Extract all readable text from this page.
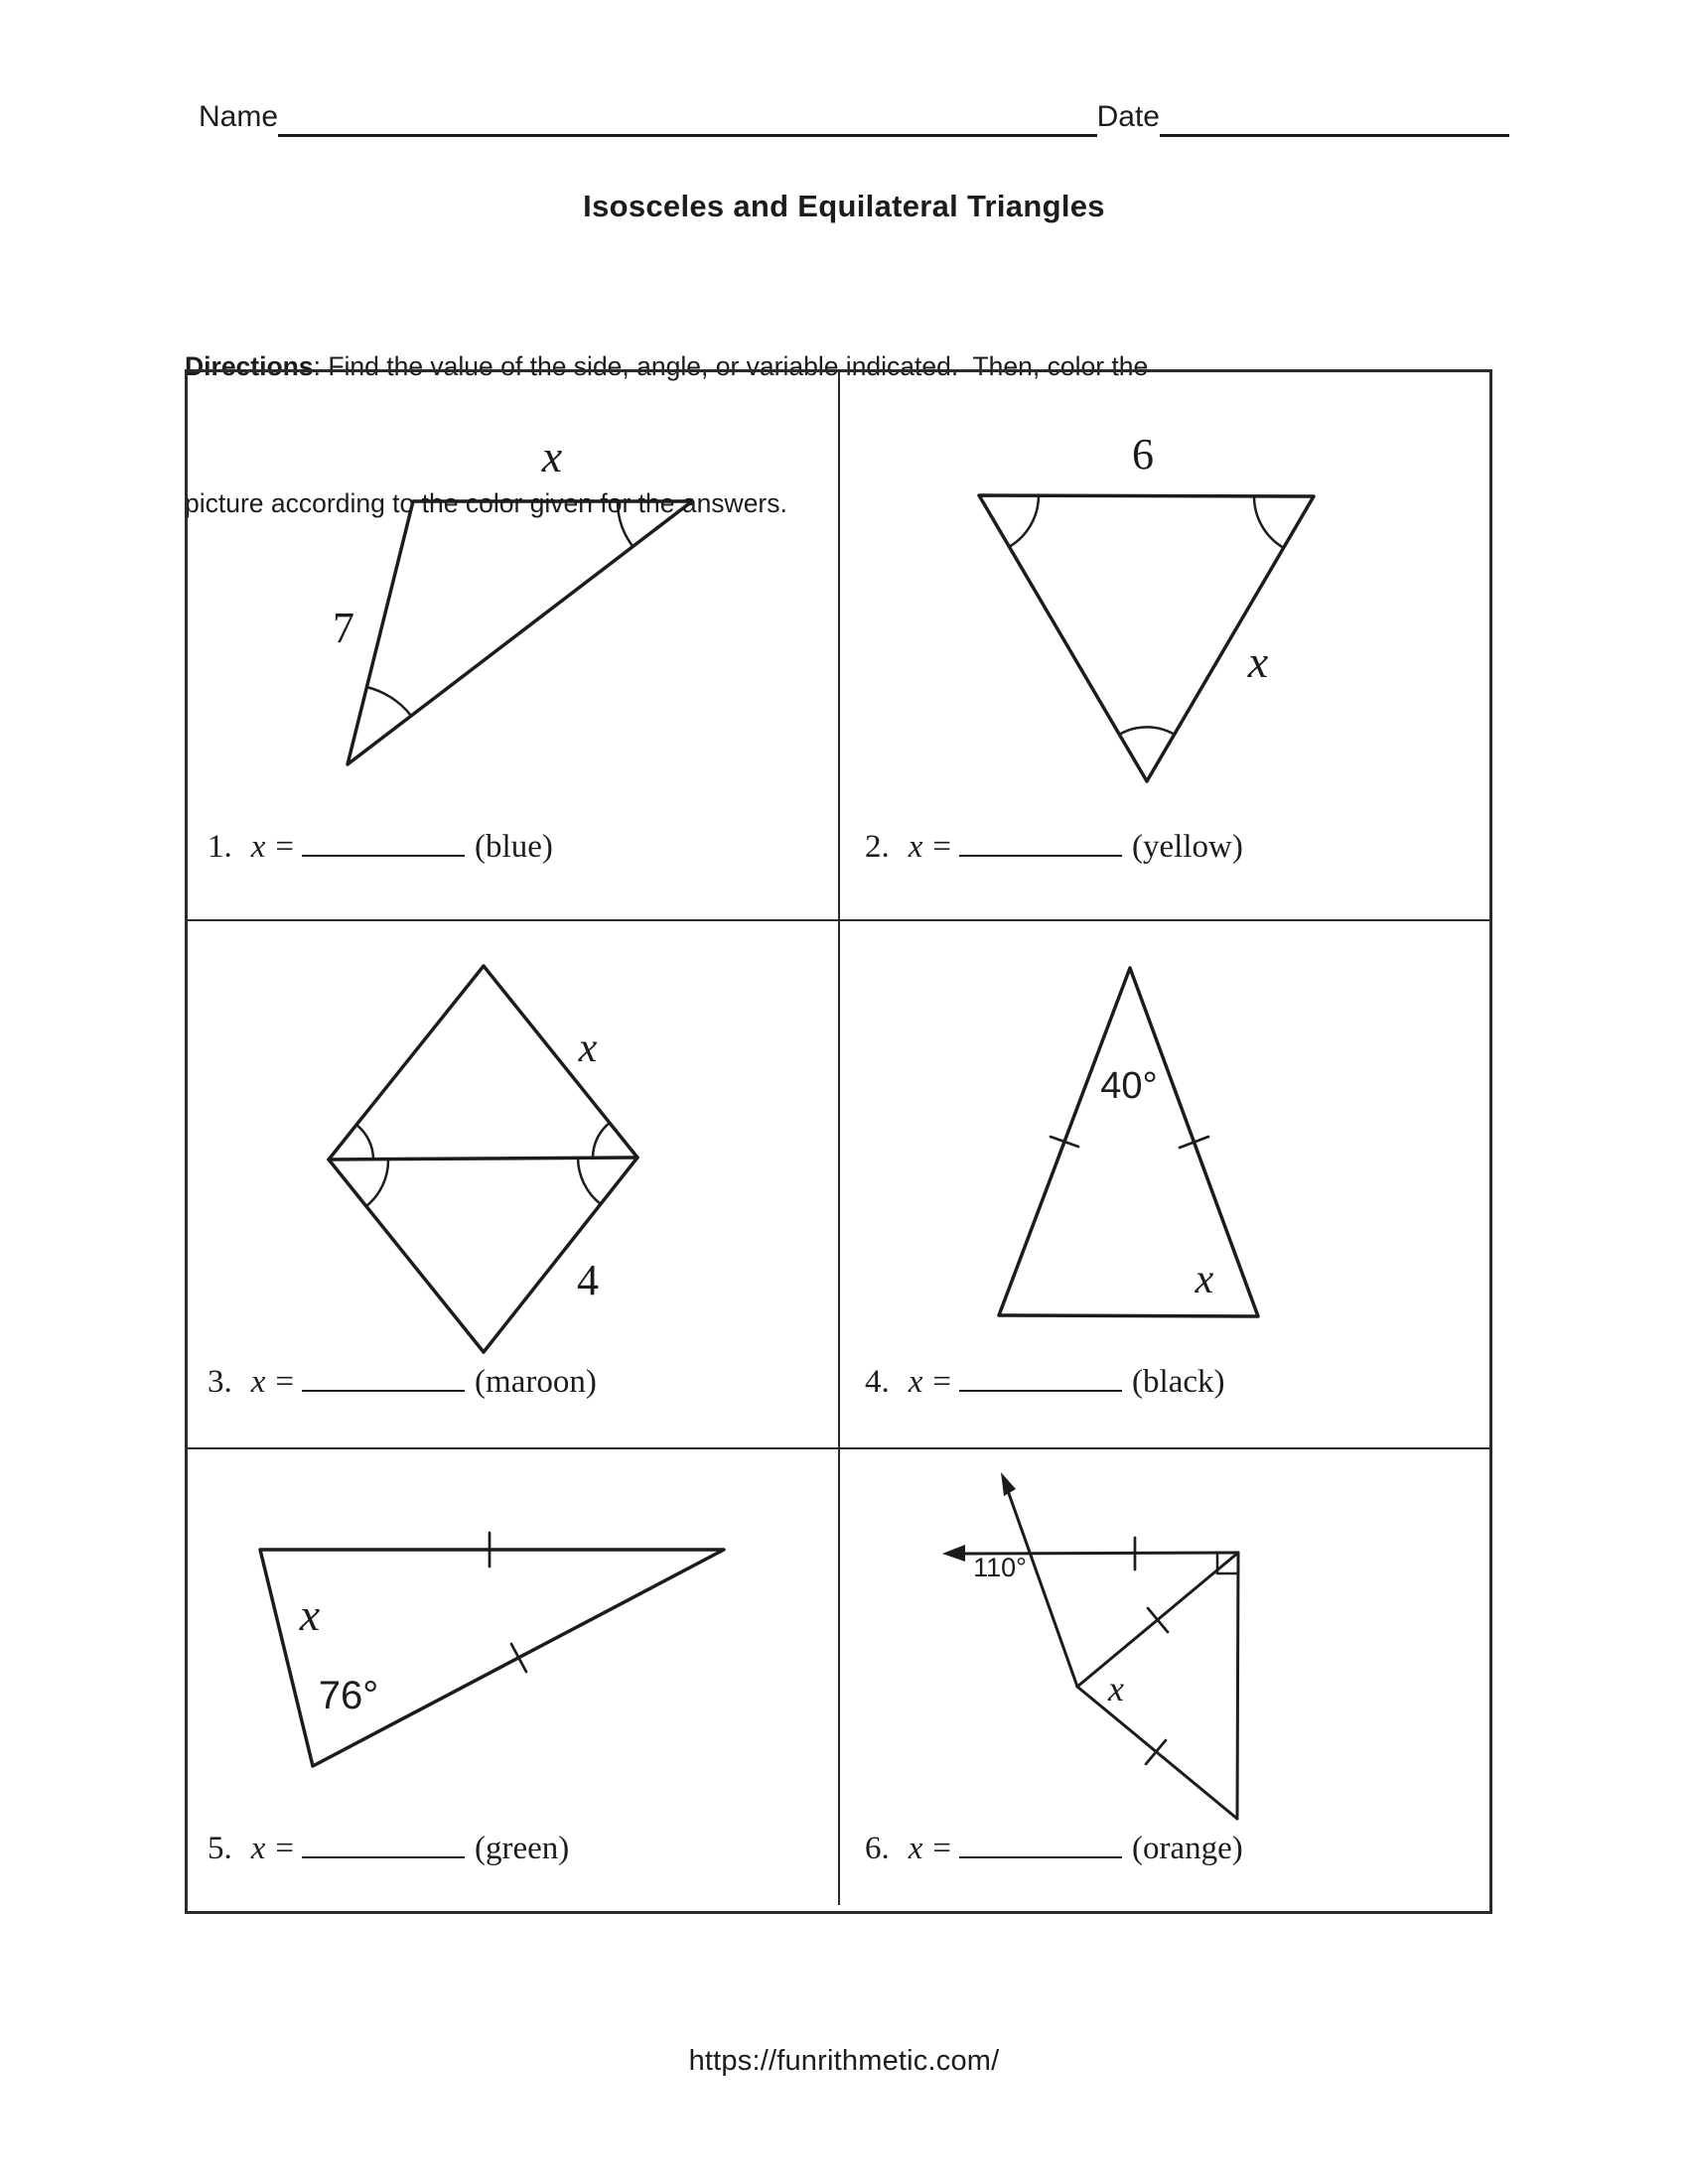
Name	Date
Isosceles and Equilateral Triangles

Directions: Find the value of the side, angle, or variable indicated.  Then, color the

picture according to the color given for the answers.

x
7
1. x =	(blue)
6
x
2. x =	(yellow)
x
4
3. x =	(maroon)
40°
x
4. x =	(black)
x
76°
5. x =	(green)
110°
x
6. x =	(orange)
https://funrithmetic.com/
